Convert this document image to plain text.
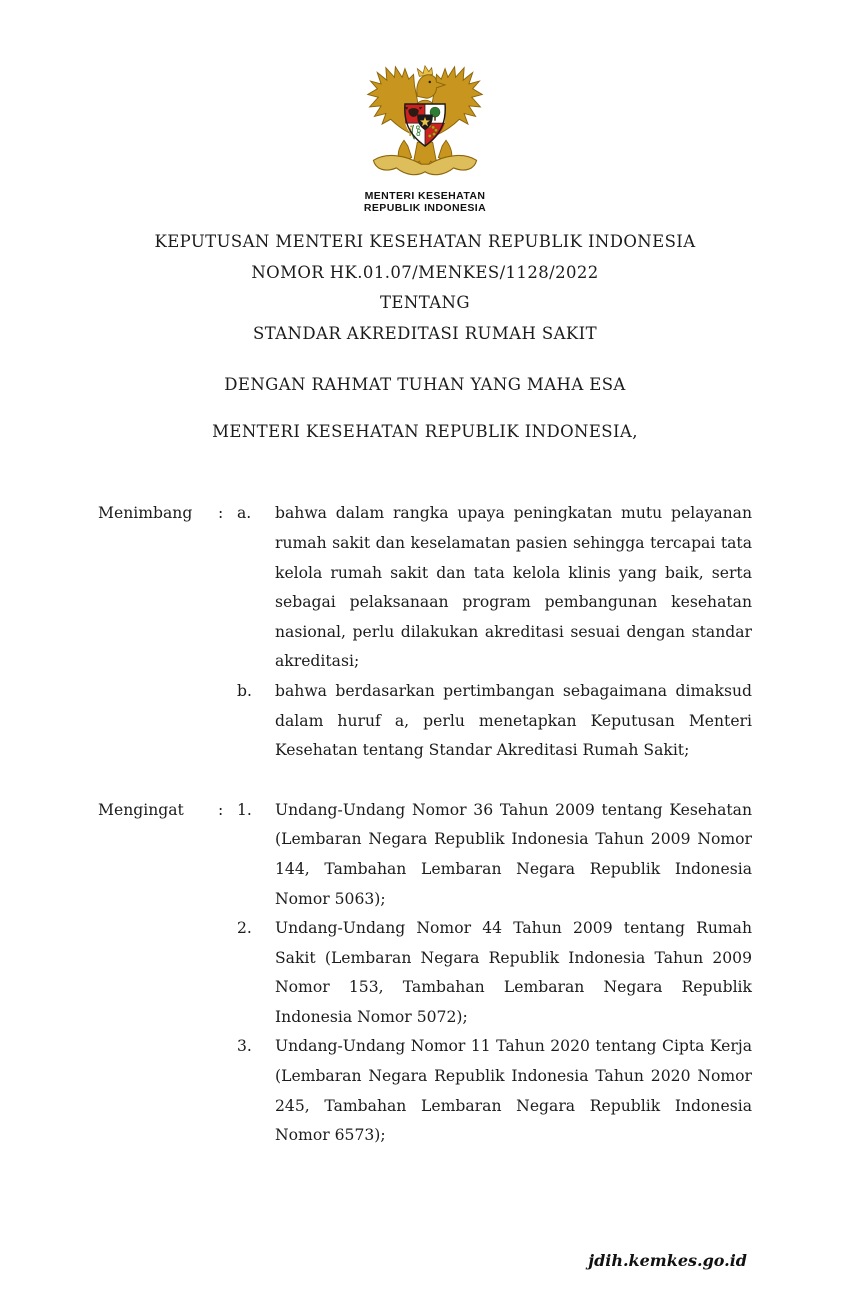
MENTERI KESEHATAN
REPUBLIK INDONESIA
KEPUTUSAN MENTERI KESEHATAN REPUBLIK INDONESIA
NOMOR HK.01.07/MENKES/1128/2022
TENTANG
STANDAR AKREDITASI RUMAH SAKIT
DENGAN RAHMAT TUHAN YANG MAHA ESA
MENTERI KESEHATAN REPUBLIK INDONESIA,
Menimbang	: a.	bahwa dalam rangka upaya peningkatan mutu pelayanan rumah sakit dan keselamatan pasien sehingga tercapai tata kelola rumah sakit dan tata kelola klinis yang baik, serta sebagai pelaksanaan program pembangunan kesehatan nasional, perlu dilakukan akreditasi sesuai dengan standar akreditasi;
b.	bahwa berdasarkan pertimbangan sebagaimana dimaksud dalam huruf a, perlu menetapkan Keputusan Menteri Kesehatan tentang Standar Akreditasi Rumah Sakit;
Mengingat	: 1.	Undang-Undang Nomor 36 Tahun 2009 tentang Kesehatan (Lembaran Negara Republik Indonesia Tahun 2009 Nomor 144, Tambahan Lembaran Negara Republik Indonesia Nomor 5063);
2.	Undang-Undang Nomor 44 Tahun 2009 tentang Rumah Sakit (Lembaran Negara Republik Indonesia Tahun 2009 Nomor 153, Tambahan Lembaran Negara Republik Indonesia Nomor 5072);
3.	Undang-Undang Nomor 11 Tahun 2020 tentang Cipta Kerja (Lembaran Negara Republik Indonesia Tahun 2020 Nomor 245, Tambahan Lembaran Negara Republik Indonesia Nomor 6573);
jdih.kemkes.go.id
